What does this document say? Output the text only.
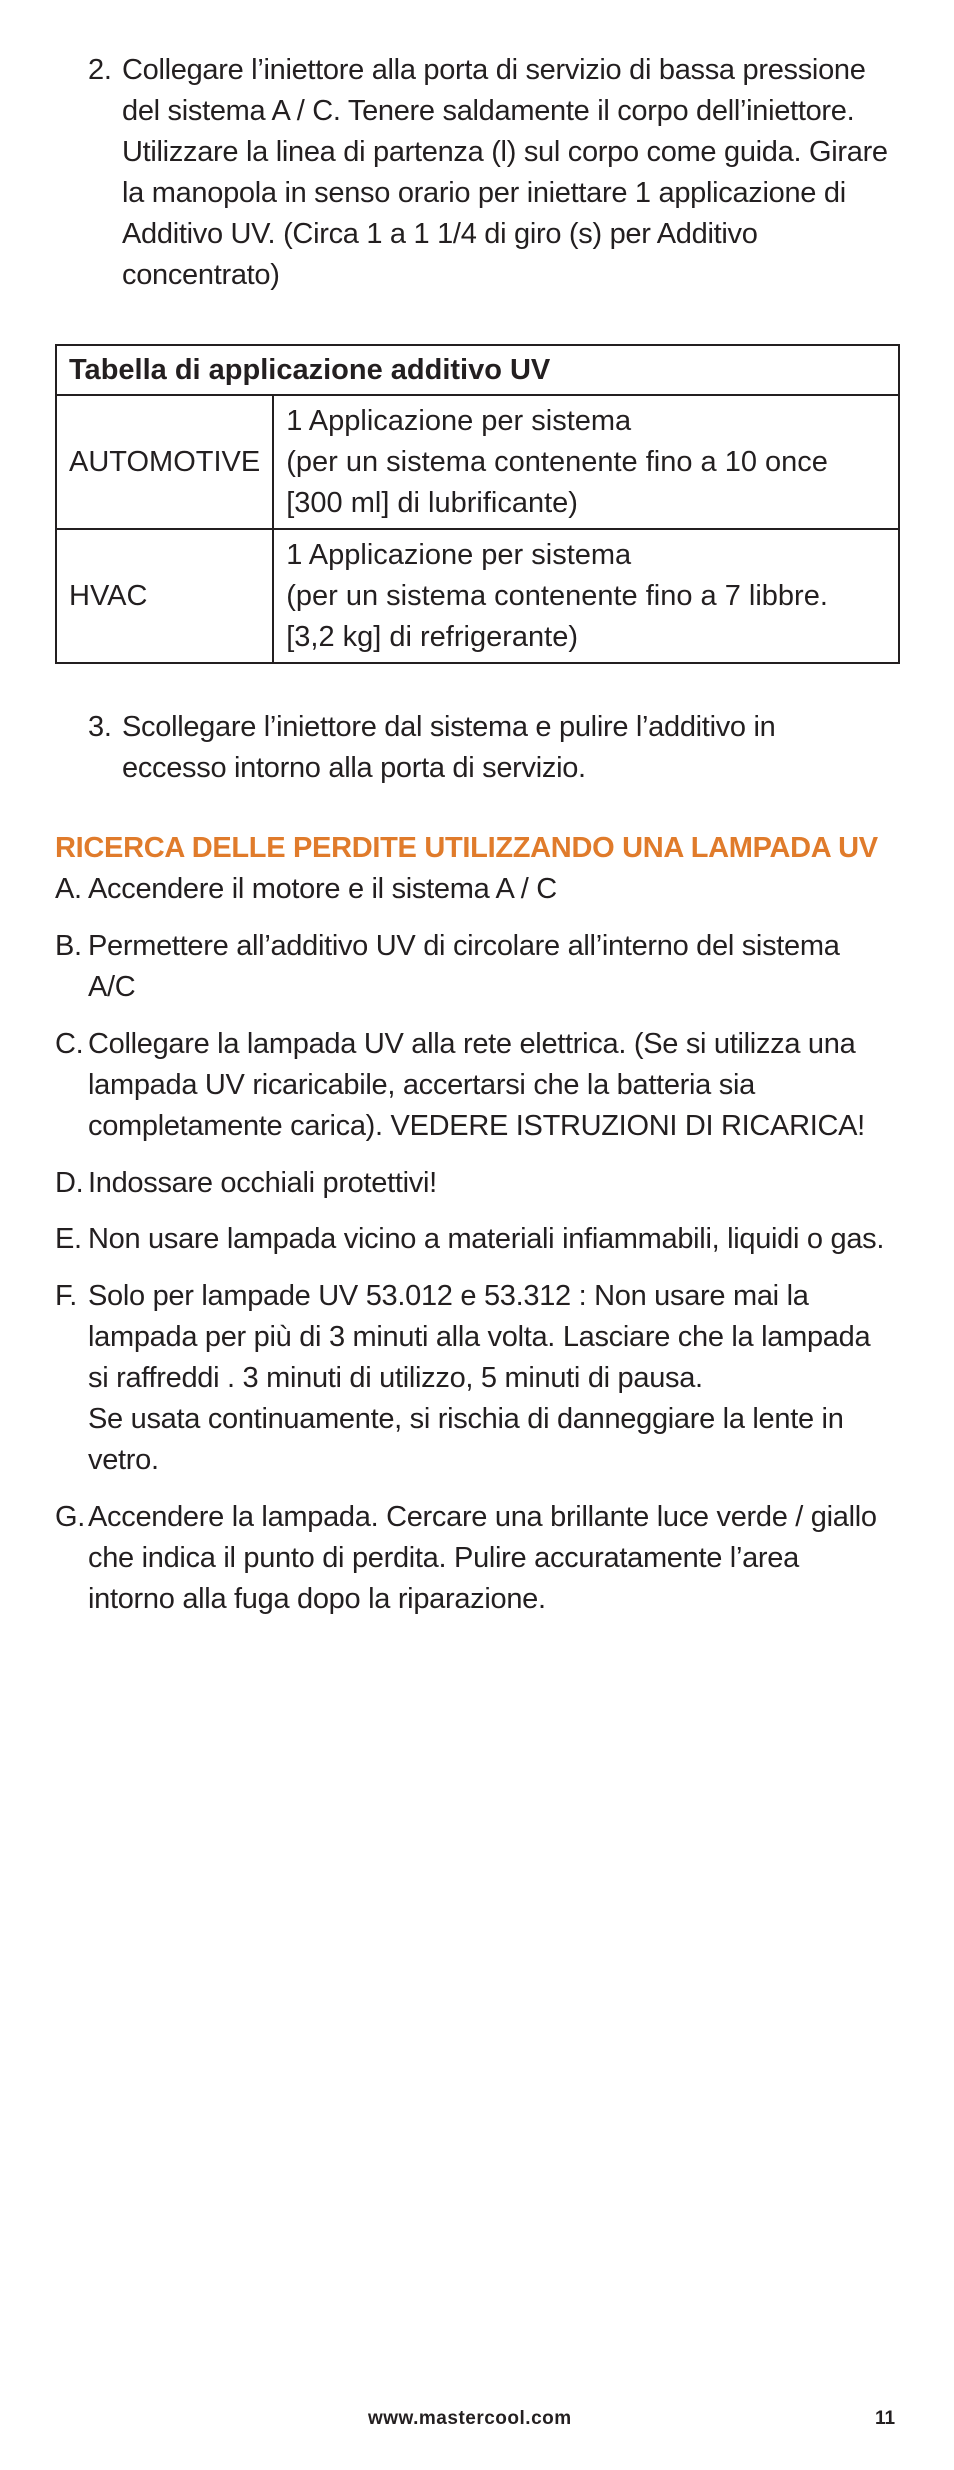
2. Collegare l’iniettore alla porta di servizio di bassa pressione
del sistema A / C. Tenere saldamente il corpo dell’iniettore.
Utilizzare la linea di partenza (l) sul corpo come guida. Girare
la manopola in senso orario per iniettare 1 applicazione di
Additivo UV. (Circa 1 a 1 1/4 di giro (s) per Additivo
concentrato)
Tabella di applicazione additivo UV	
AUTOMOTIVE	1 Applicazione per sistema
(per un sistema contenente fino a 10 once
[300 ml] di lubrificante)

HVAC	1 Applicazione per sistema
(per un sistema contenente fino a 7 libbre.
[3,2 kg] di refrigerante)
3. Scollegare l’iniettore dal sistema e pulire l’additivo in
eccesso intorno alla porta di servizio.
RICERCA DELLE PERDITE UTILIZZANDO UNA LAMPADA UV
A. Accendere il motore e il sistema A / C
B. Permettere all’additivo UV di circolare all’interno del sistema
A/C
C. Collegare la lampada UV alla rete elettrica. (Se si utilizza una
lampada UV ricaricabile, accertarsi che la batteria sia
completamente carica). VEDERE ISTRUZIONI DI RICARICA!
D. Indossare occhiali protettivi!
E. Non usare lampada vicino a materiali infiammabili, liquidi o gas.
F. Solo per lampade UV 53.012 e 53.312 : Non usare mai la
lampada per più di 3 minuti alla volta. Lasciare che la lampada
si raffreddi . 3 minuti di utilizzo, 5 minuti di pausa.
Se usata continuamente, si rischia di danneggiare la lente in
vetro.
G. Accendere la lampada. Cercare una brillante luce verde / giallo
che indica il punto di perdita. Pulire accuratamente l’area
intorno alla fuga dopo la riparazione.
www.mastercool.com	11
